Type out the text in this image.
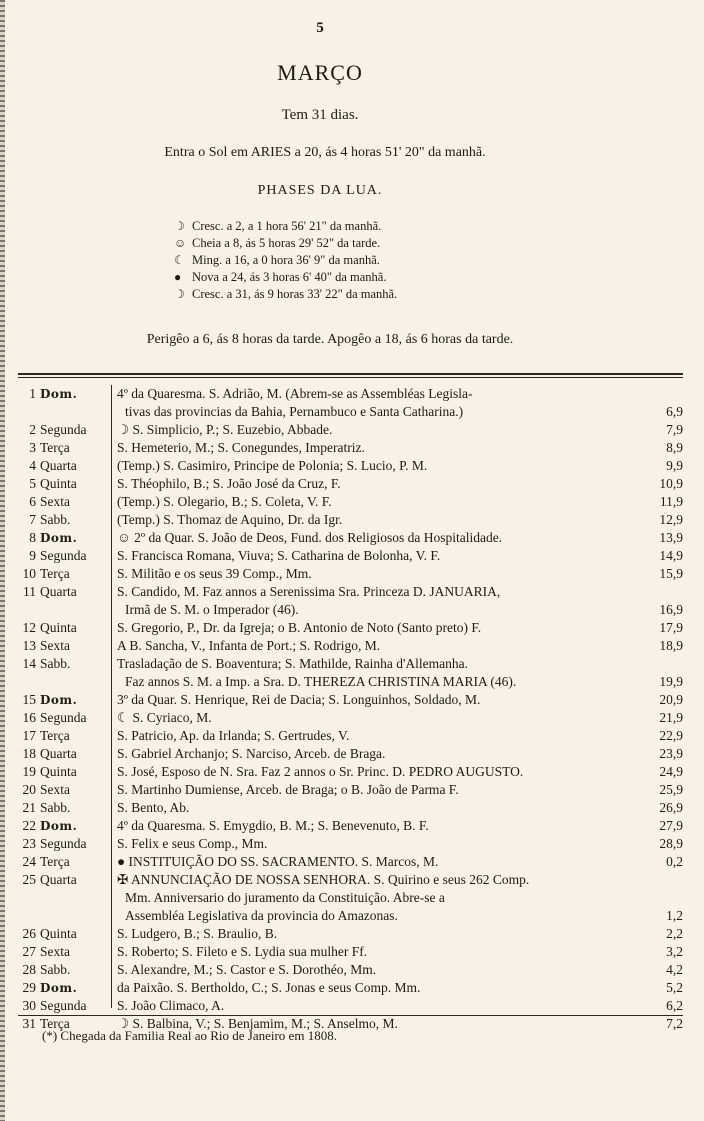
5
MARÇO
Tem 31 dias.
Entra o Sol em ARIES a 20, ás 4 horas 51' 20" da manhã.
PHASES DA LUA.
☽ Cresc. a 2, a 1 hora 56' 21" da manhã.
☺ Cheia a 8, ás 5 horas 29' 52" da tarde.
☾ Ming. a 16, a 0 hora 36' 9" da manhã.
● Nova a 24, ás 3 horas 6' 40" da manhã.
☽ Cresc. a 31, ás 9 horas 33' 22" da manhã.
Perigêo a 6, ás 8 horas da tarde. Apogêo a 18, ás 6 horas da tarde.
1 Dom.	4º da Quaresma. S. Adrião, M. (Abrem-se as Assembléas Legisla-
tivas das provincias da Bahia, Pernambuco e Santa Catharina.)	6,9
2 Segunda	☽ S. Simplicio, P.; S. Euzebio, Abbade.	7,9
3 Terça	S. Hemeterio, M.; S. Conegundes, Imperatriz.	8,9
4 Quarta	(Temp.) S. Casimiro, Principe de Polonia; S. Lucio, P. M.	9,9
5 Quinta	S. Théophilo, B.; S. João José da Cruz, F.	10,9
6 Sexta	(Temp.) S. Olegario, B.; S. Coleta, V. F.	11,9
7 Sabb.	(Temp.) S. Thomaz de Aquino, Dr. da Igr.	12,9
8 Dom.	☺ 2º da Quar. S. João de Deos, Fund. dos Religiosos da Hospitalidade.	13,9
9 Segunda	S. Francisca Romana, Viuva; S. Catharina de Bolonha, V. F.	14,9
10 Terça	S. Militão e os seus 39 Comp., Mm.	15,9
11 Quarta	S. Candido, M. Faz annos a Serenissima Sra. Princeza D. JANUARIA,
Irmã de S. M. o Imperador (46).	16,9
12 Quinta	S. Gregorio, P., Dr. da Igreja; o B. Antonio de Noto (Santo preto) F.	17,9
13 Sexta	A B. Sancha, V., Infanta de Port.; S. Rodrigo, M.	18,9
14 Sabb.	Trasladação de S. Boaventura; S. Mathilde, Rainha d'Allemanha.
Faz annos S. M. a Imp. a Sra. D. THEREZA CHRISTINA MARIA (46).	19,9
15 Dom.	3º da Quar. S. Henrique, Rei de Dacia; S. Longuinhos, Soldado, M.	20,9
16 Segunda	☾ S. Cyriaco, M.	21,9
17 Terça	S. Patricio, Ap. da Irlanda; S. Gertrudes, V.	22,9
18 Quarta	S. Gabriel Archanjo; S. Narciso, Arceb. de Braga.	23,9
19 Quinta	S. José, Esposo de N. Sra. Faz 2 annos o Sr. Princ. D. PEDRO AUGUSTO.	24,9
20 Sexta	S. Martinho Dumiense, Arceb. de Braga; o B. João de Parma F.	25,9
21 Sabb.	S. Bento, Ab.	26,9
22 Dom.	4º da Quaresma. S. Emygdio, B. M.; S. Benevenuto, B. F.	27,9
23 Segunda	S. Felix e seus Comp., Mm.	28,9
24 Terça	● INSTITUIÇÃO DO SS. SACRAMENTO. S. Marcos, M.	0,2
25 Quarta	✠ ANNUNCIAÇÃO DE NOSSA SENHORA. S. Quirino e seus 262 Comp.
Mm. Anniversario do juramento da Constituição. Abre-se a
Assembléa Legislativa da provincia do Amazonas.	1,2
26 Quinta	S. Ludgero, B.; S. Braulio, B.	2,2
27 Sexta	S. Roberto; S. Fileto e S. Lydia sua mulher Ff.	3,2
28 Sabb.	S. Alexandre, M.; S. Castor e S. Dorothéo, Mm.	4,2
29 Dom.	da Paixão. S. Bertholdo, C.; S. Jonas e seus Comp. Mm.	5,2
30 Segunda	S. João Climaco, A.	6,2
31 Terça	☽ S. Balbina, V.; S. Benjamim, M.; S. Anselmo, M.	7,2
(*) Chegada da Familia Real ao Rio de Janeiro em 1808.
